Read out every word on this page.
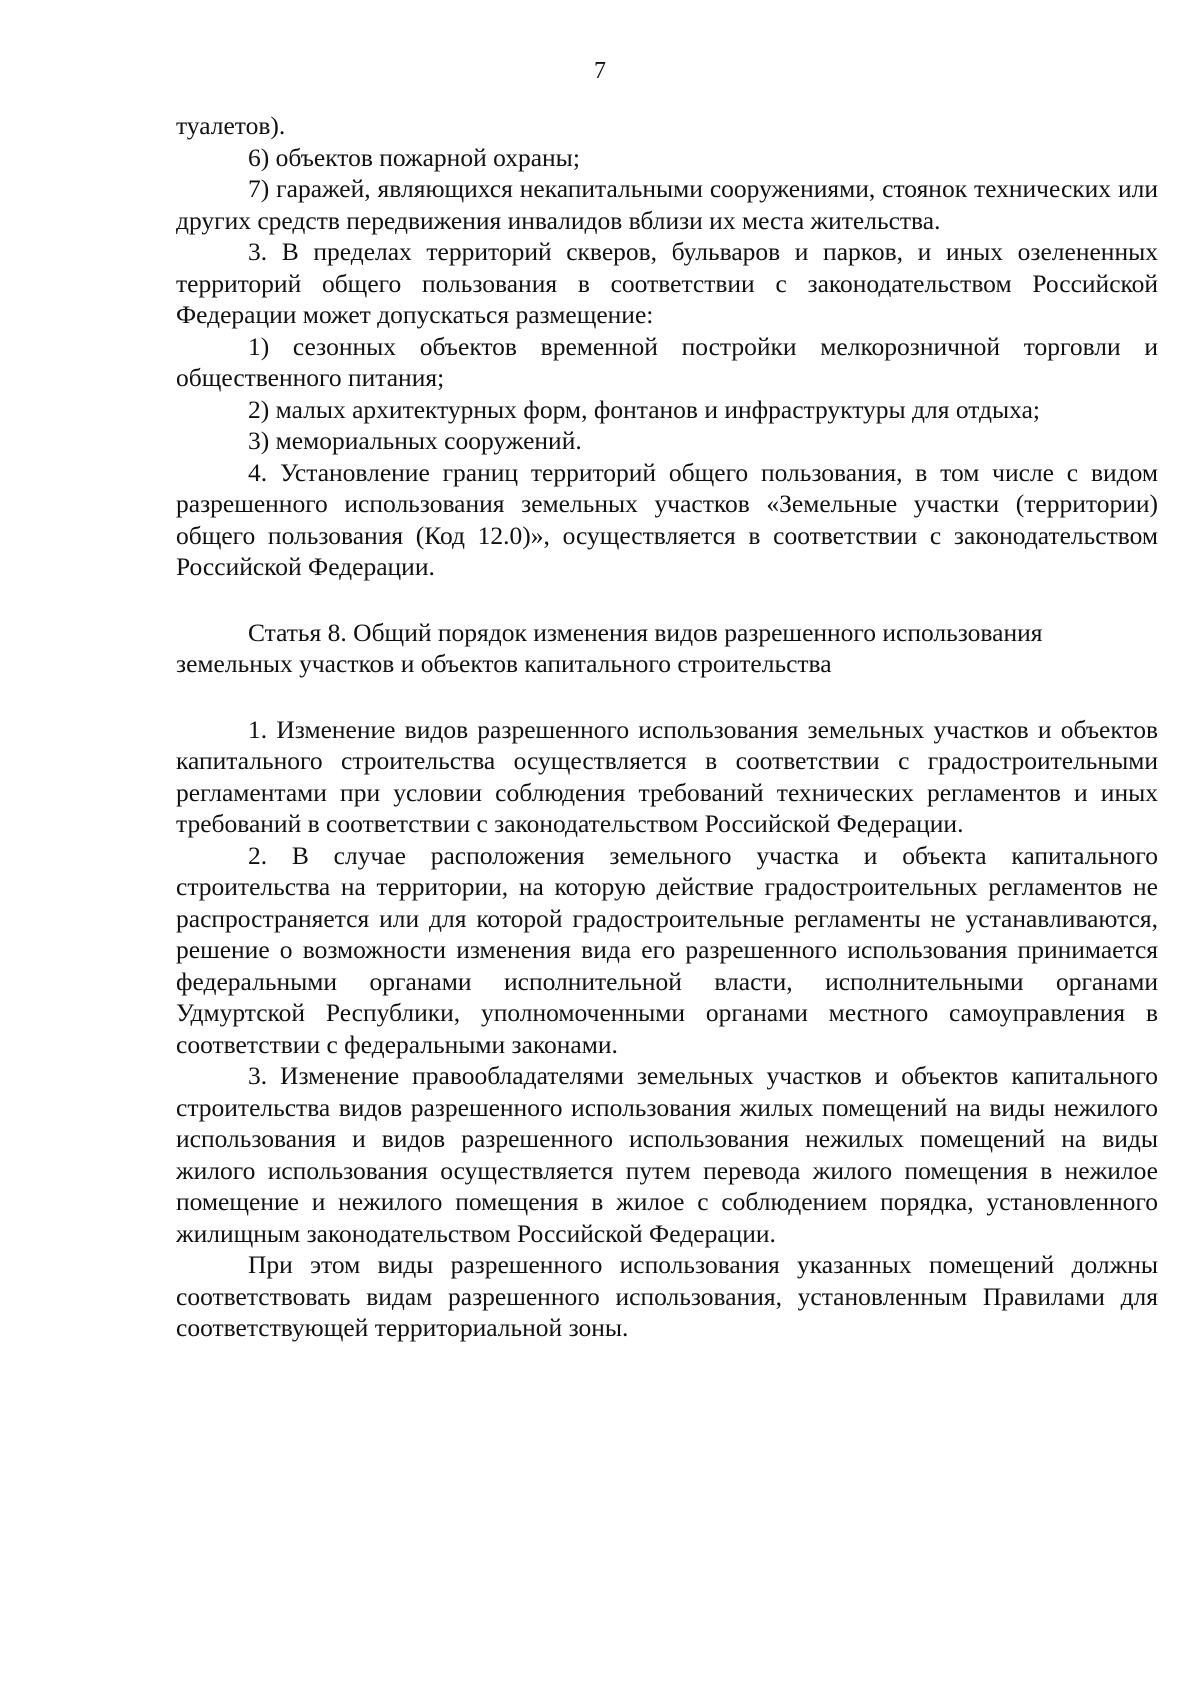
7

туалетов).

6) объектов пожарной охраны;

7) гаражей, являющихся некапитальными сооружениями, стоянок технических или других средств передвижения инвалидов вблизи их места жительства.

3. В пределах территорий скверов, бульваров и парков, и иных озелененных территорий общего пользования в соответствии с законодательством Российской Федерации может допускаться размещение:

1) сезонных объектов временной постройки мелкорозничной торговли и общественного питания;

2) малых архитектурных форм, фонтанов и инфраструктуры для отдыха;

3) мемориальных сооружений.

4. Установление границ территорий общего пользования, в том числе с видом разрешенного использования земельных участков «Земельные участки (территории) общего пользования (Код 12.0)», осуществляется в соответствии с законодательством Российской Федерации.

Статья 8. Общий порядок изменения видов разрешенного использования земельных участков и объектов капитального строительства

1. Изменение видов разрешенного использования земельных участков и объектов капитального строительства осуществляется в соответствии с градостроительными регламентами при условии соблюдения требований технических регламентов и иных требований в соответствии с законодательством Российской Федерации.

2. В случае расположения земельного участка и объекта капитального строительства на территории, на которую действие градостроительных регламентов не распространяется или для которой градостроительные регламенты не устанавливаются, решение о возможности изменения вида его разрешенного использования принимается федеральными органами исполнительной власти, исполнительными органами Удмуртской Республики, уполномоченными органами местного самоуправления в соответствии с федеральными законами.

3. Изменение правообладателями земельных участков и объектов капитального строительства видов разрешенного использования жилых помещений на виды нежилого использования и видов разрешенного использования нежилых помещений на виды жилого использования осуществляется путем перевода жилого помещения в нежилое помещение и нежилого помещения в жилое с соблюдением порядка, установленного жилищным законодательством Российской Федерации.

При этом виды разрешенного использования указанных помещений должны соответствовать видам разрешенного использования, установленным Правилами для соответствующей территориальной зоны.
